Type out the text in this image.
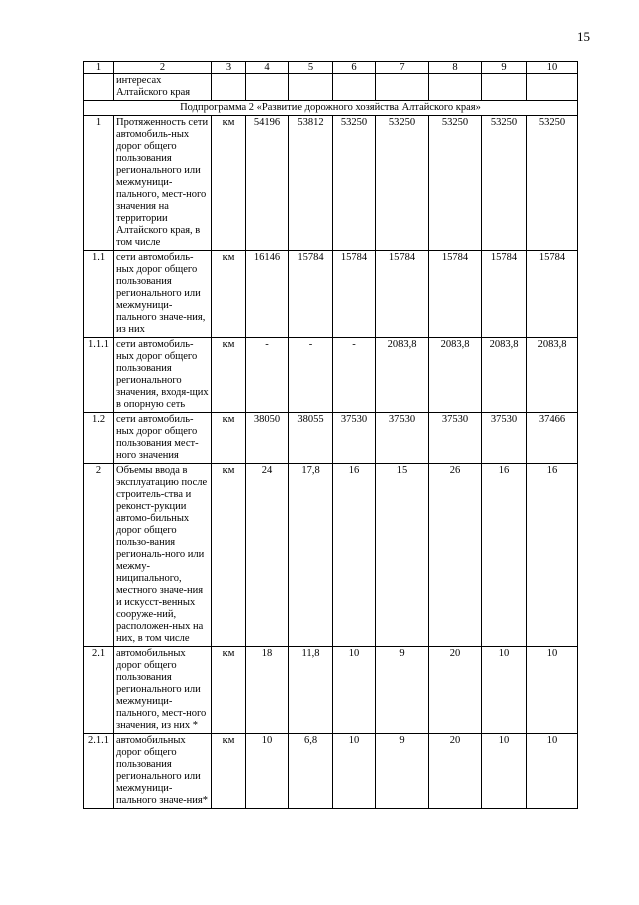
15
1	2	3	4	5	6	7	8	9	10
	интересах Алтайского края								
Подпрограмма 2 «Развитие дорожного хозяйства Алтайского края»									
1	Протяженность сети автомобиль-ных дорог общего пользования регионального или межмуници-пального, мест-ного значения на территории Алтайского края, в том числе	км	54196	53812	53250	53250	53250	53250	53250
1.1	сети автомобиль-ных дорог общего пользования регионального или межмуници-пального значе-ния, из них	км	16146	15784	15784	15784	15784	15784	15784
1.1.1	сети автомобиль-ных дорог общего пользования регионального значения, входя-щих в опорную сеть	км	-	-	-	2083,8	2083,8	2083,8	2083,8
1.2	сети автомобиль-ных дорог общего пользования мест-ного значения	км	38050	38055	37530	37530	37530	37530	37466
2	Объемы ввода в эксплуатацию после строитель-ства и реконст-рукции автомо-бильных дорог общего пользо-вания региональ-ного или межму-ниципального, местного значе-ния и искусст-венных сооруже-ний, расположен-ных на них, в том числе	км	24	17,8	16	15	26	16	16
2.1	автомобильных дорог общего пользования регионального или межмуници-пального, мест-ного значения, из них *	км	18	11,8	10	9	20	10	10
2.1.1	автомобильных дорог общего пользования регионального или межмуници-пального значе-ния*	км	10	6,8	10	9	20	10	10
